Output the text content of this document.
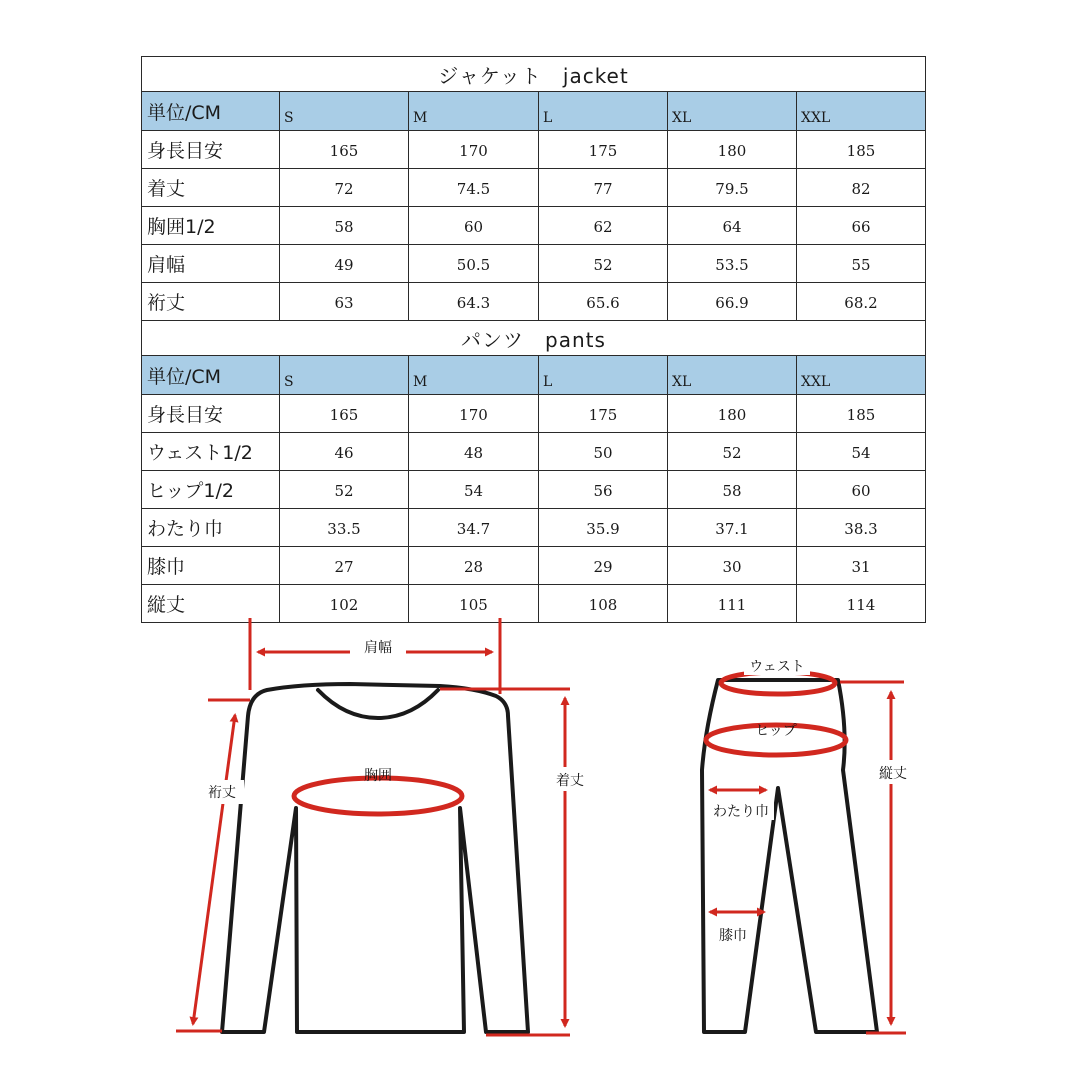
ジャケット　jacket					
単位/CM	S	M	L	XL	XXL
身長目安	165	170	175	180	185
着丈	72	74.5	77	79.5	82
胸囲1/2	58	60	62	64	66
肩幅	49	50.5	52	53.5	55
裄丈	63	64.3	65.6	66.9	68.2
パンツ　pants					
単位/CM	S	M	L	XL	XXL
身長目安	165	170	175	180	185
ウェスト1/2	46	48	50	52	54
ヒップ1/2	52	54	56	58	60
わたり巾	33.5	34.7	35.9	37.1	38.3
膝巾	27	28	29	30	31
縦丈	102	105	108	111	114
肩幅
裄丈
着丈
胸囲
ウェスト
ヒップ
わたり巾
膝巾
縦丈
